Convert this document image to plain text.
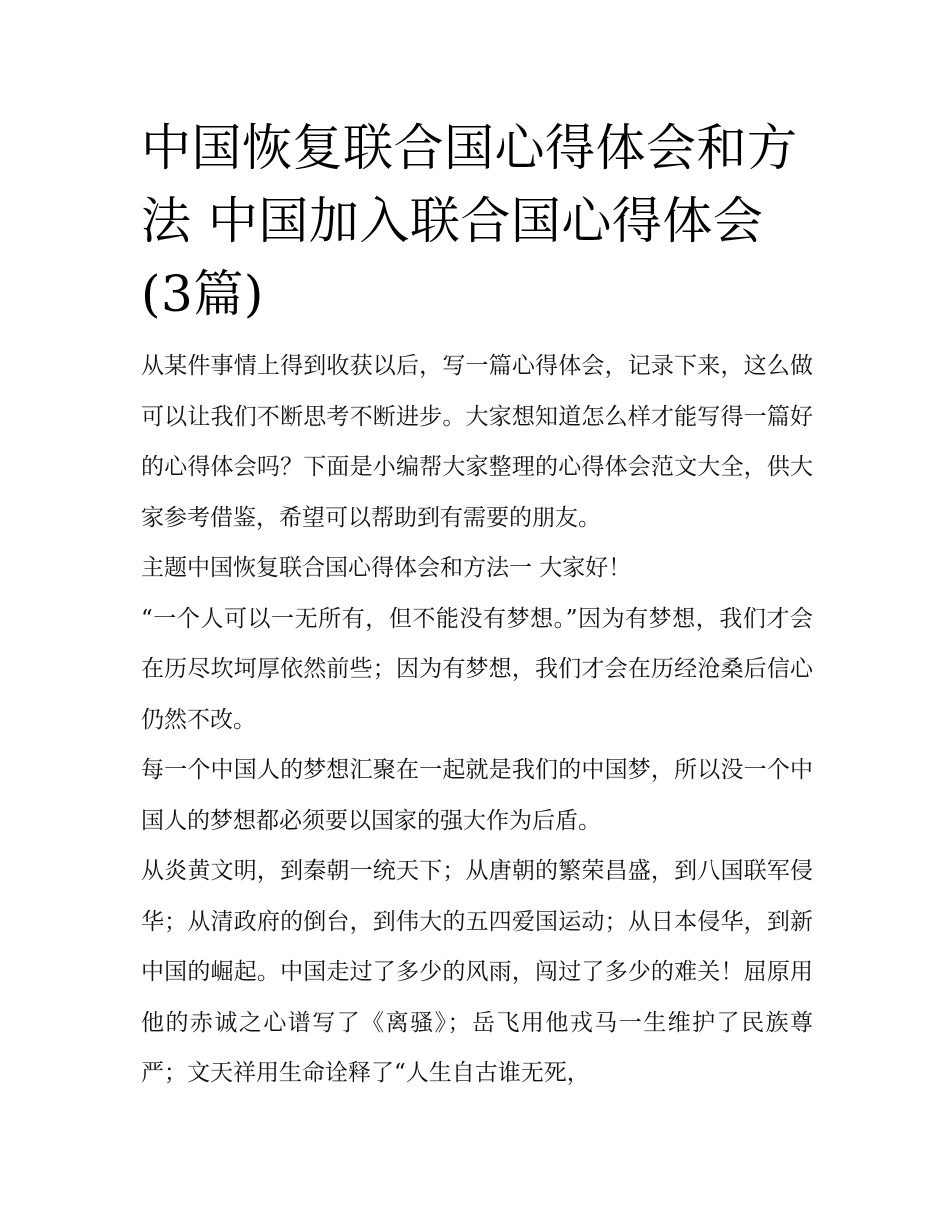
中国恢复联合国心得体会和方法 中国加入联合国心得体会(3篇)

从某件事情上得到收获以后，写一篇心得体会，记录下来，这么做可以让我们不断思考不断进步。大家想知道怎么样才能写得一篇好的心得体会吗？下面是小编帮大家整理的心得体会范文大全，供大家参考借鉴，希望可以帮助到有需要的朋友。

主题中国恢复联合国心得体会和方法一 大家好！

“一个人可以一无所有，但不能没有梦想。”因为有梦想，我们才会在历尽坎坷厚依然前些；因为有梦想，我们才会在历经沧桑后信心仍然不改。

每一个中国人的梦想汇聚在一起就是我们的中国梦，所以没一个中国人的梦想都必须要以国家的强大作为后盾。

从炎黄文明，到秦朝一统天下；从唐朝的繁荣昌盛，到八国联军侵华；从清政府的倒台，到伟大的五四爱国运动；从日本侵华，到新中国的崛起。中国走过了多少的风雨，闯过了多少的难关！屈原用他的赤诚之心谱写了《离骚》；岳飞用他戎马一生维护了民族尊严；文天祥用生命诠释了“人生自古谁无死，
